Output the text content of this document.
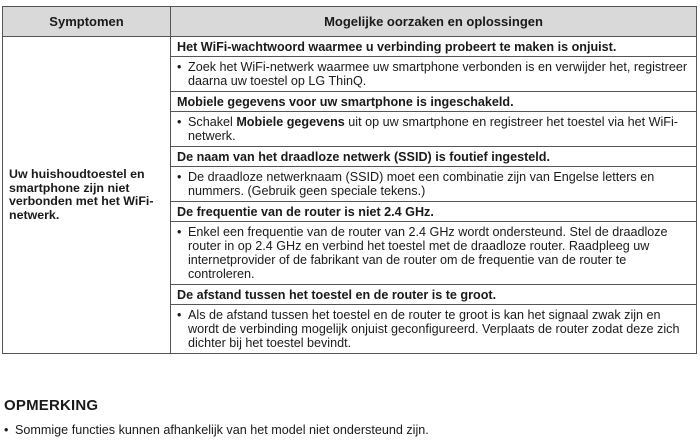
Symptomen	Mogelijke oorzaken en oplossingen
Uw huishoudtoestel en smartphone zijn niet verbonden met het WiFi-netwerk.	Het WiFi-wachtwoord waarmee u verbinding probeert te maken is onjuist.
• Zoek het WiFi-netwerk waarmee uw smartphone verbonden is en verwijder het, registreer daarna uw toestel op LG ThinQ.

	Mobiele gegevens voor uw smartphone is ingeschakeld.
• Schakel Mobiele gegevens uit op uw smartphone en registreer het toestel via het WiFi-netwerk.

	De naam van het draadloze netwerk (SSID) is foutief ingesteld.
• De draadloze netwerknaam (SSID) moet een combinatie zijn van Engelse letters en nummers. (Gebruik geen speciale tekens.)

	De frequentie van de router is niet 2.4 GHz.
• Enkel een frequentie van de router van 2.4 GHz wordt ondersteund. Stel de draadloze router in op 2.4 GHz en verbind het toestel met de draadloze router. Raadpleeg uw internetprovider of de fabrikant van de router om de frequentie van de router te controleren.

	De afstand tussen het toestel en de router is te groot.
• Als de afstand tussen het toestel en de router te groot is kan het signaal zwak zijn en wordt de verbinding mogelijk onjuist geconfigureerd. Verplaats de router zodat deze zich dichter bij het toestel bevindt.
OPMERKING
• Sommige functies kunnen afhankelijk van het model niet ondersteund zijn.
